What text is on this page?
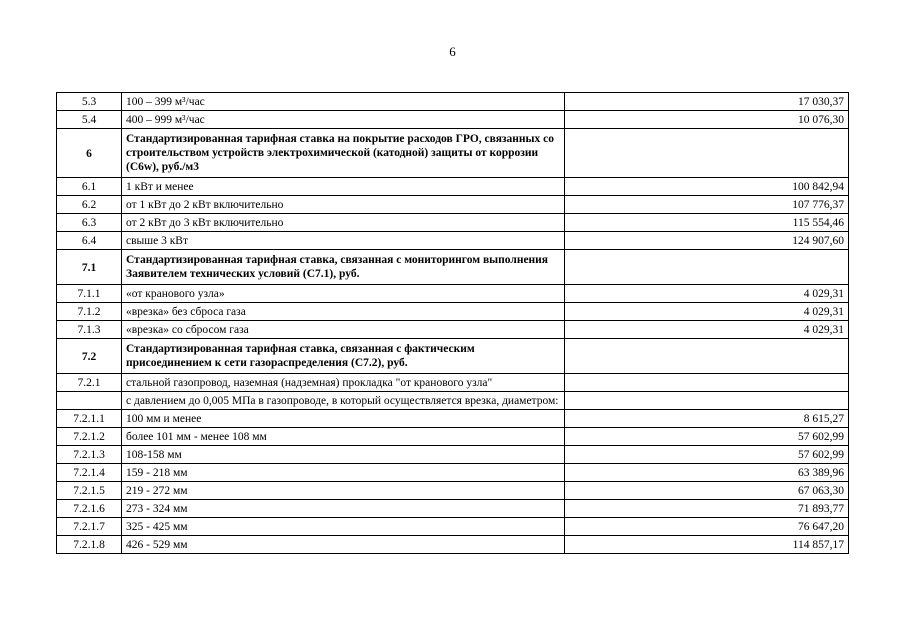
6
5.3	100 – 399 м³/час	17 030,37
5.4	400 – 999 м³/час	10 076,30
6	Стандартизированная тарифная ставка на покрытие расходов ГРО, связанных со строительством устройств электрохимической (катодной) защиты от коррозии (С6w), руб./м3	
6.1	1 кВт и менее	100 842,94
6.2	от 1 кВт до 2 кВт включительно	107 776,37
6.3	от 2 кВт до 3 кВт включительно	115 554,46
6.4	свыше 3 кВт	124 907,60
7.1	Стандартизированная тарифная ставка, связанная с мониторингом выполнения Заявителем технических условий (С7.1), руб.	
7.1.1	«от кранового узла»	4 029,31
7.1.2	«врезка» без сброса газа	4 029,31
7.1.3	«врезка» со сбросом газа	4 029,31
7.2	Стандартизированная тарифная ставка, связанная с фактическим присоединением к сети газораспределения (С7.2), руб.	
7.2.1	стальной газопровод, наземная (надземная) прокладка "от кранового узла"	
	с давлением до 0,005 МПа в газопроводе, в который осуществляется врезка, диаметром:	
7.2.1.1	100 мм и менее	8 615,27
7.2.1.2	более 101 мм - менее 108 мм	57 602,99
7.2.1.3	108-158 мм	57 602,99
7.2.1.4	159 - 218 мм	63 389,96
7.2.1.5	219 - 272 мм	67 063,30
7.2.1.6	273 - 324 мм	71 893,77
7.2.1.7	325 - 425 мм	76 647,20
7.2.1.8	426 - 529 мм	114 857,17
